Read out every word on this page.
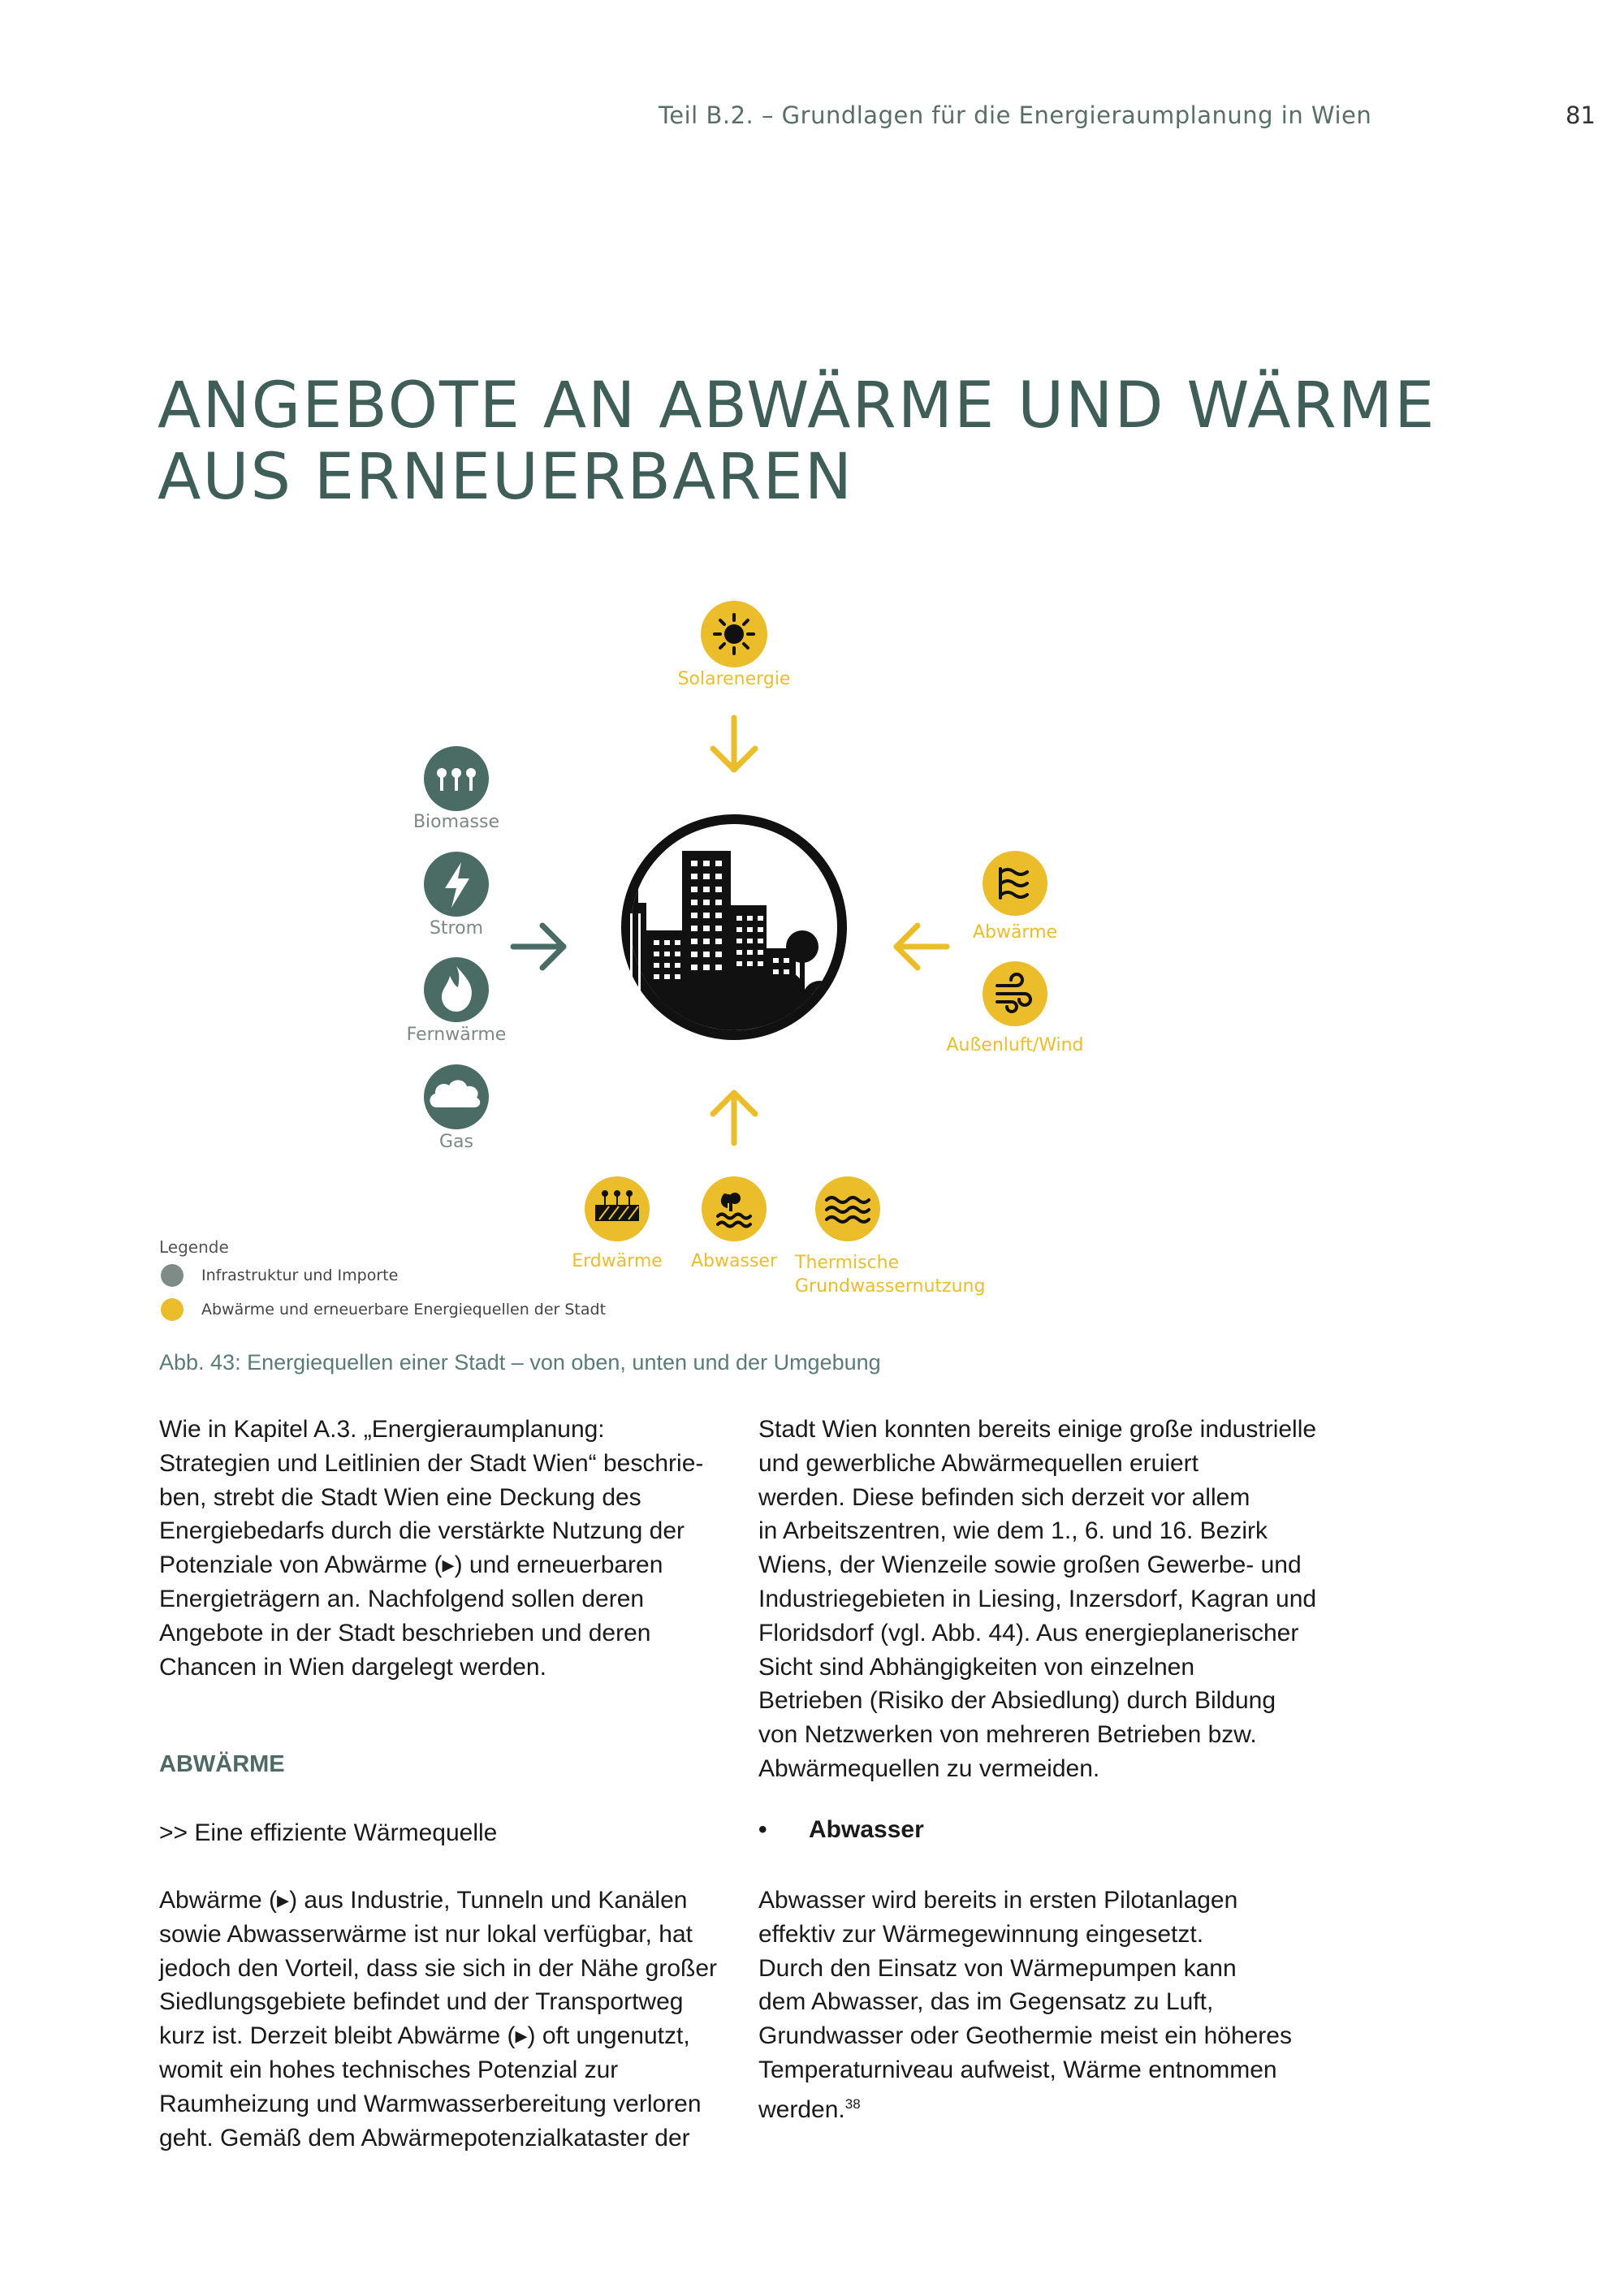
Teil B.2. – Grundlagen für die Energieraumplanung in Wien	81
ANGEBOTE AN ABWÄRME UND WÄRME
AUS ERNEUERBAREN
Solarenergie
Biomasse
Strom
Fernwärme
Gas
Abwärme
Außenluft/Wind
Erdwärme	Abwasser	Thermische
Grundwassernutzung
Legende
Infrastruktur und Importe
Abwärme und erneuerbare Energiequellen der Stadt
Abb. 43: Energiequellen einer Stadt – von oben, unten und der Umgebung
Wie in Kapitel A.3. „Energieraumplanung:
Strategien und Leitlinien der Stadt Wien“ beschrie-
ben, strebt die Stadt Wien eine Deckung des
Energiebedarfs durch die verstärkte Nutzung der
Potenziale von Abwärme (▸) und erneuerbaren
Energieträgern an. Nachfolgend sollen deren
Angebote in der Stadt beschrieben und deren
Chancen in Wien dargelegt werden.
ABWÄRME
>> Eine effiziente Wärmequelle
Abwärme (▸) aus Industrie, Tunneln und Kanälen
sowie Abwasserwärme ist nur lokal verfügbar, hat
jedoch den Vorteil, dass sie sich in der Nähe großer
Siedlungsgebiete befindet und der Transportweg
kurz ist. Derzeit bleibt Abwärme (▸) oft ungenutzt,
womit ein hohes technisches Potenzial zur
Raumheizung und Warmwasserbereitung verloren
geht. Gemäß dem Abwärmepotenzialkataster der
Stadt Wien konnten bereits einige große industrielle
und gewerbliche Abwärmequellen eruiert
werden. Diese befinden sich derzeit vor allem
in Arbeitszentren, wie dem 1., 6. und 16. Bezirk
Wiens, der Wienzeile sowie großen Gewerbe- und
Industriegebieten in Liesing, Inzersdorf, Kagran und
Floridsdorf (vgl. Abb. 44). Aus energieplanerischer
Sicht sind Abhängigkeiten von einzelnen
Betrieben (Risiko der Absiedlung) durch Bildung
von Netzwerken von mehreren Betrieben bzw.
Abwärmequellen zu vermeiden.
•	Abwasser
Abwasser wird bereits in ersten Pilotanlagen
effektiv zur Wärmegewinnung eingesetzt.
Durch den Einsatz von Wärmepumpen kann
dem Abwasser, das im Gegensatz zu Luft,
Grundwasser oder Geothermie meist ein höheres
Temperaturniveau aufweist, Wärme entnommen
werden.$^{38}$
